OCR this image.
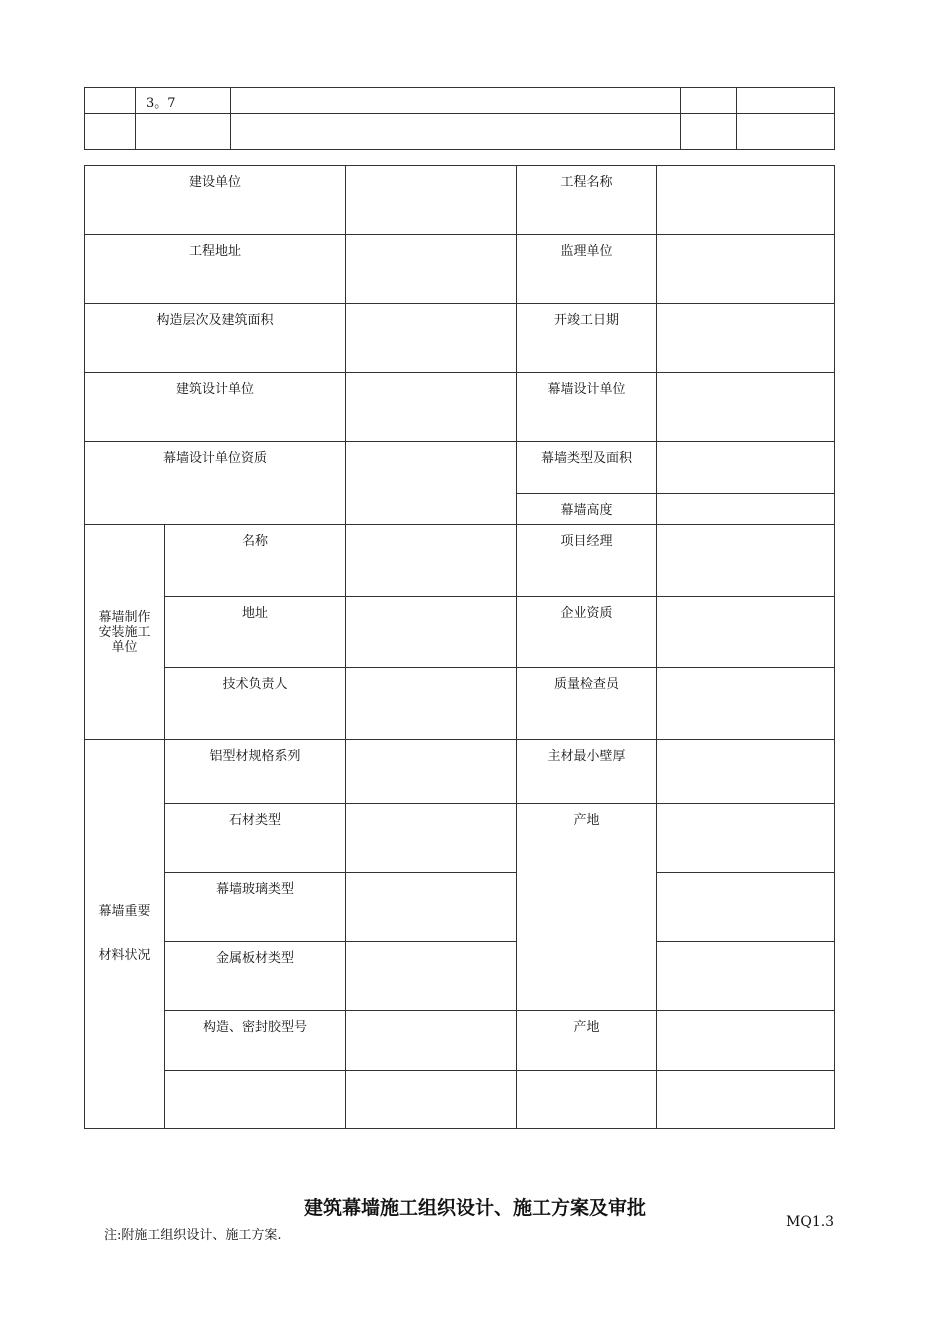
	3。7			

建设单位			工程名称	
工程地址			监理单位	
构造层次及建筑面积			开竣工日期	
建筑设计单位			幕墙设计单位	
幕墙设计单位资质			幕墙类型及面积	
			幕墙高度	

幕墙制作安装施工单位	名称		项目经理	
	地址		企业资质	
	技术负责人		质量检查员	

幕墙重要
材料状况	铝型材规格系列		主材最小壁厚	
	石材类型		产地	
	幕墙玻璃类型			
	金属板材类型			
	构造、密封胶型号		产地	

建筑幕墙施工组织设计、施工方案及审批
注:附施工组织设计、施工方案.
MQ1.3
